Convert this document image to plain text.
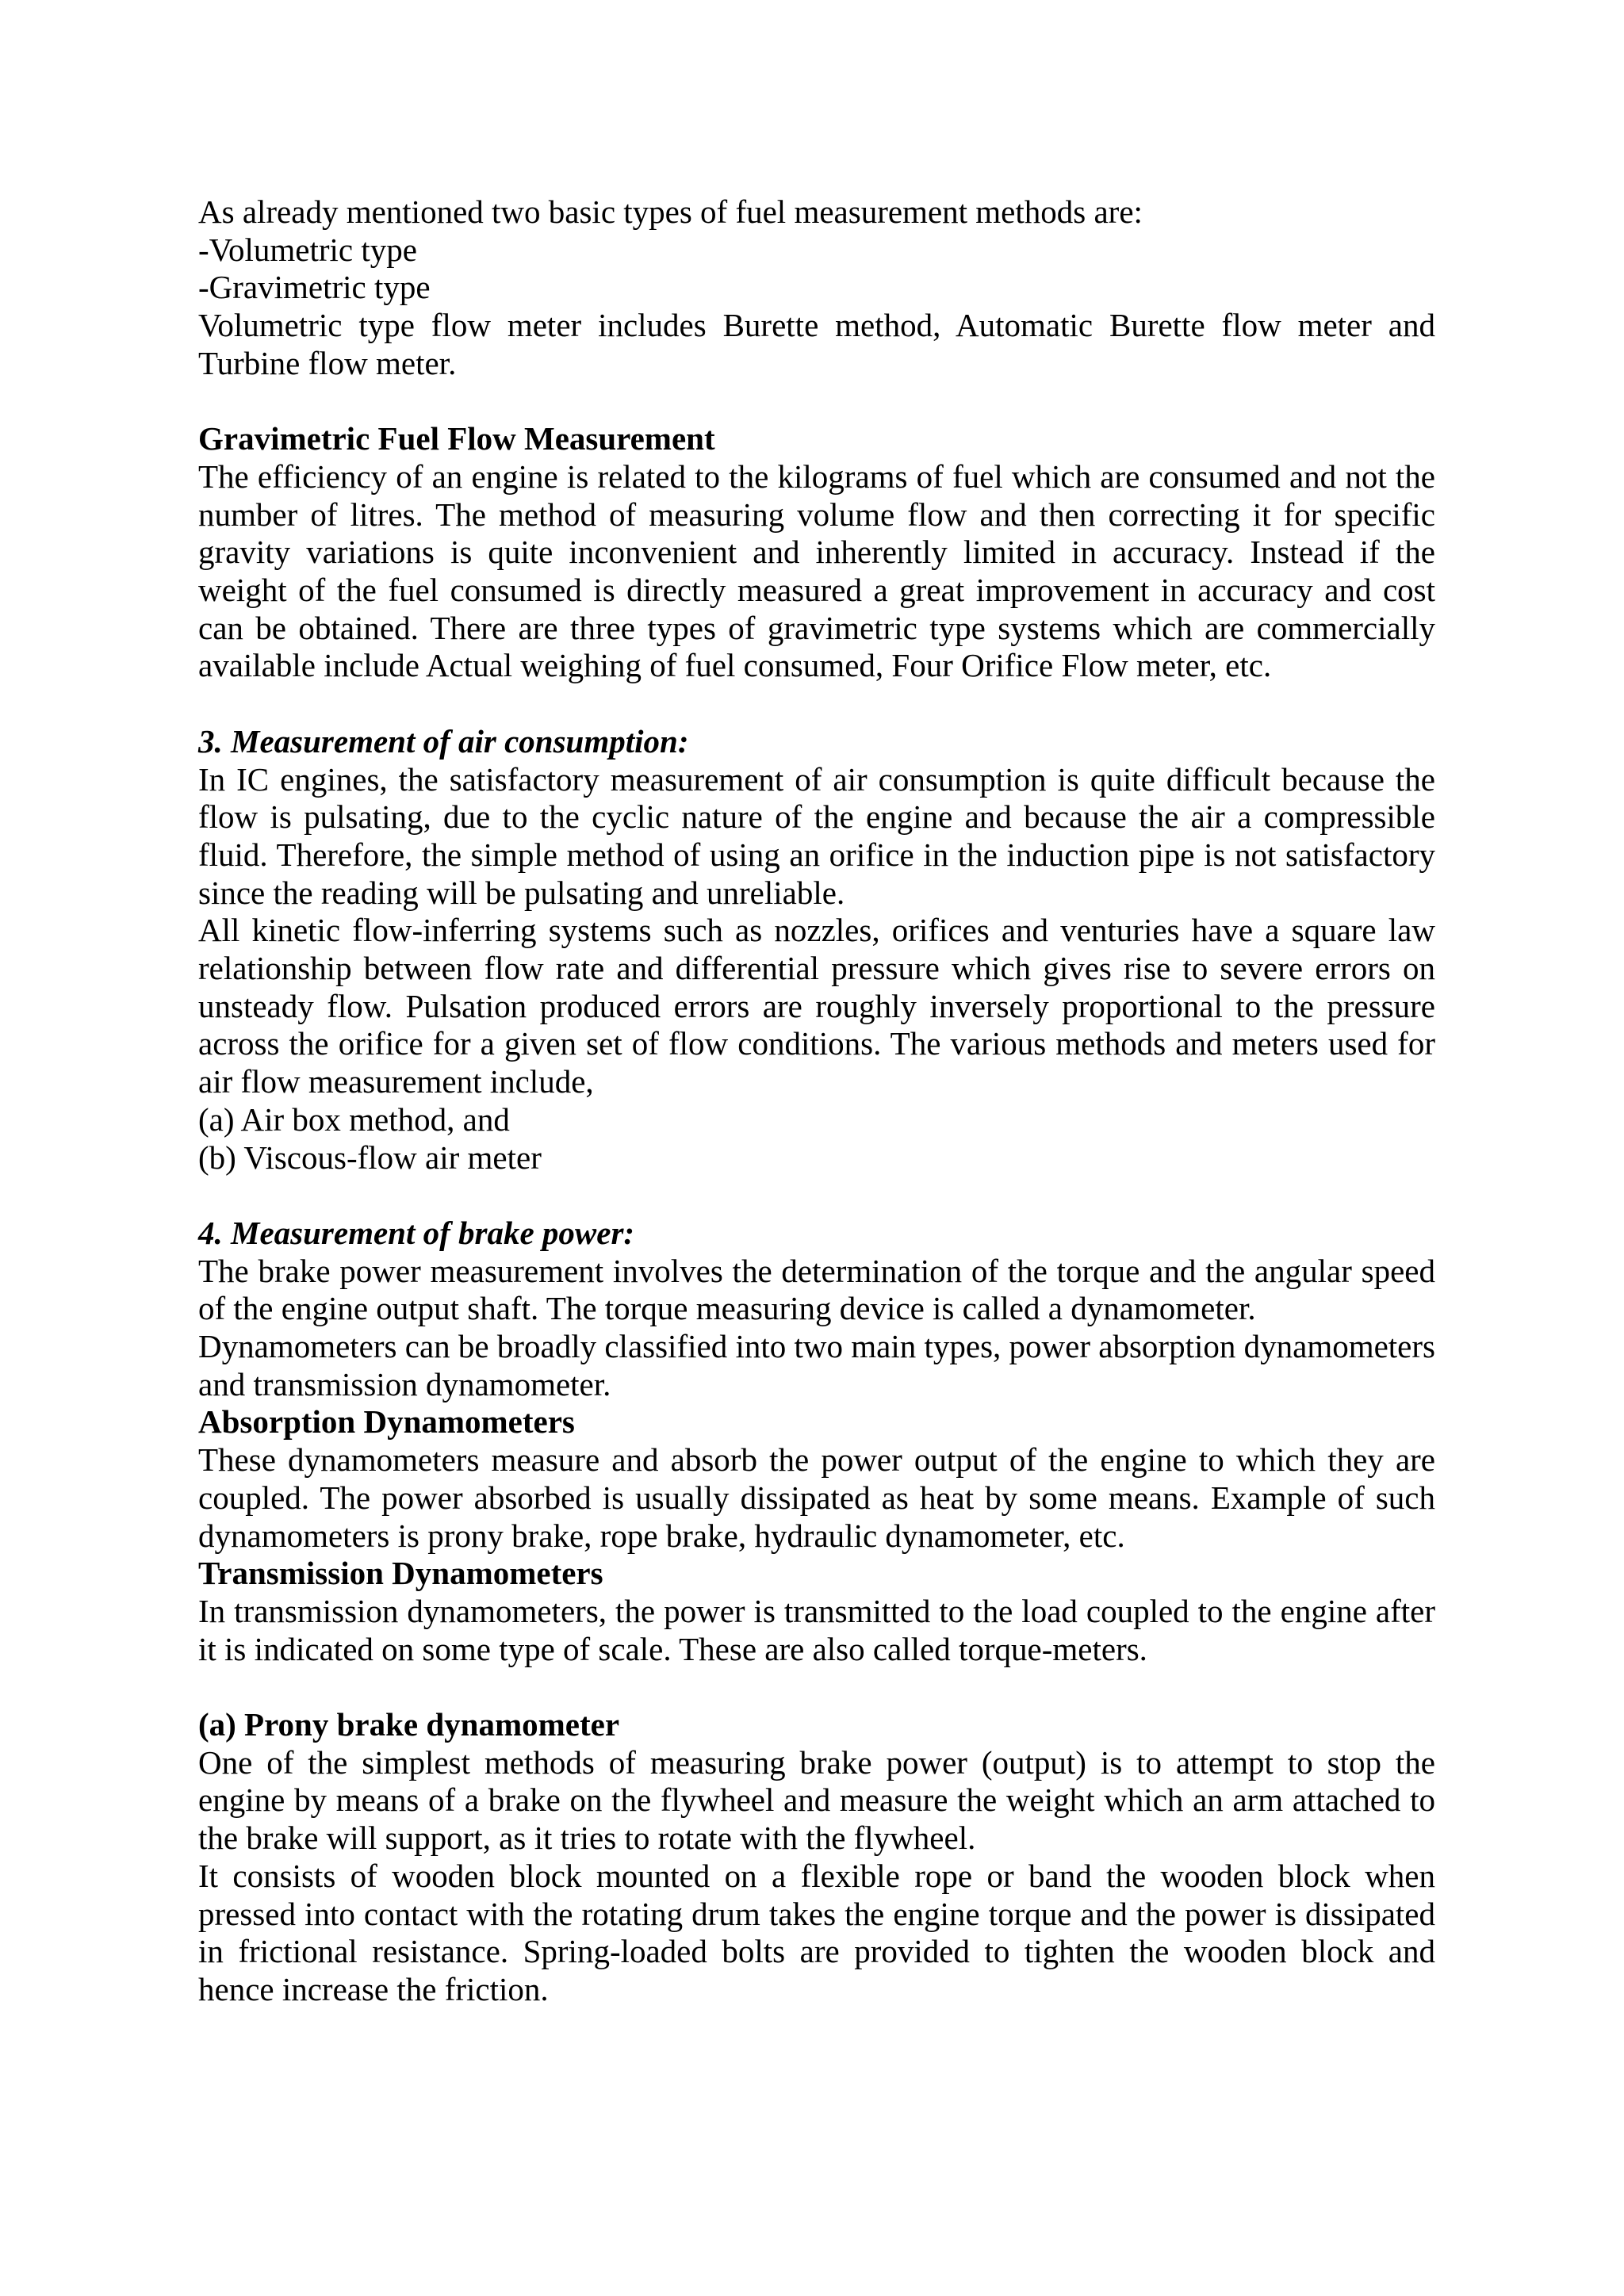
As already mentioned two basic types of fuel measurement methods are:
-Volumetric type
-Gravimetric type

Volumetric type flow meter includes Burette method, Automatic Burette flow meter and Turbine flow meter.

Gravimetric Fuel Flow Measurement

The efficiency of an engine is related to the kilograms of fuel which are consumed and not the number of litres. The method of measuring volume flow and then correcting it for specific gravity variations is quite inconvenient and inherently limited in accuracy. Instead if the weight of the fuel consumed is directly measured a great improvement in accuracy and cost can be obtained. There are three types of gravimetric type systems which are commercially available include Actual weighing of fuel consumed, Four Orifice Flow meter, etc.

3. Measurement of air consumption:

In IC engines, the satisfactory measurement of air consumption is quite difficult because the flow is pulsating, due to the cyclic nature of the engine and because the air a compressible fluid. Therefore, the simple method of using an orifice in the induction pipe is not satisfactory since the reading will be pulsating and unreliable.

All kinetic flow-inferring systems such as nozzles, orifices and venturies have a square law relationship between flow rate and differential pressure which gives rise to severe errors on unsteady flow. Pulsation produced errors are roughly inversely proportional to the pressure across the orifice for a given set of flow conditions. The various methods and meters used for air flow measurement include,

(a) Air box method, and
(b) Viscous-flow air meter
4. Measurement of brake power:

The brake power measurement involves the determination of the torque and the angular speed of the engine output shaft. The torque measuring device is called a dynamometer.

Dynamometers can be broadly classified into two main types, power absorption dynamometers and transmission dynamometer.

Absorption Dynamometers

These dynamometers measure and absorb the power output of the engine to which they are coupled. The power absorbed is usually dissipated as heat by some means. Example of such dynamometers is prony brake, rope brake, hydraulic dynamometer, etc.

Transmission Dynamometers

In transmission dynamometers, the power is transmitted to the load coupled to the engine after it is indicated on some type of scale. These are also called torque-meters.

(a) Prony brake dynamometer

One of the simplest methods of measuring brake power (output) is to attempt to stop the engine by means of a brake on the flywheel and measure the weight which an arm attached to the brake will support, as it tries to rotate with the flywheel.

It consists of wooden block mounted on a flexible rope or band the wooden block when pressed into contact with the rotating drum takes the engine torque and the power is dissipated in frictional resistance. Spring-loaded bolts are provided to tighten the wooden block and hence increase the friction.
